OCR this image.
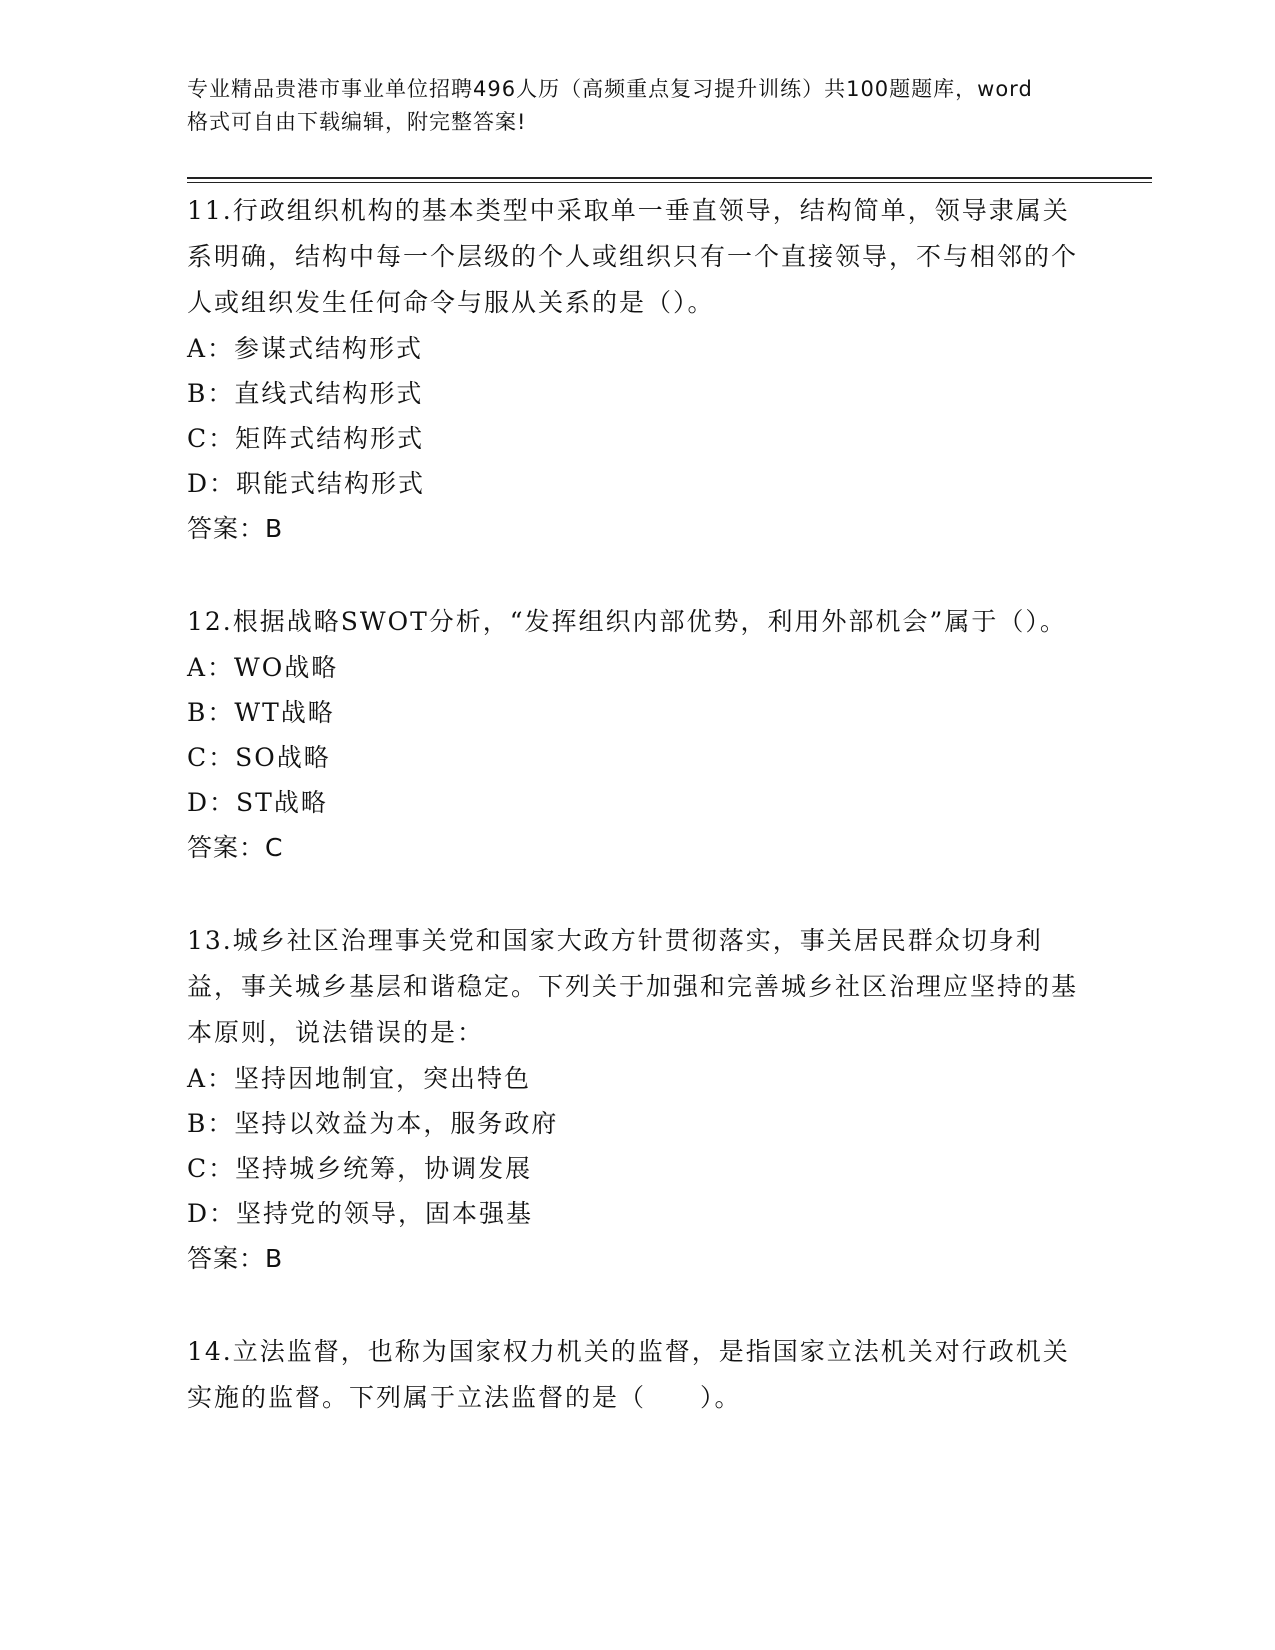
专业精品贵港市事业单位招聘496人历（高频重点复习提升训练）共100题题库，word格式可自由下载编辑，附完整答案!
11.行政组织机构的基本类型中采取单一垂直领导，结构简单，领导隶属关系明确，结构中每一个层级的个人或组织只有一个直接领导，不与相邻的个人或组织发生任何命令与服从关系的是（）。
A：参谋式结构形式
B：直线式结构形式
C：矩阵式结构形式
D：职能式结构形式
答案：B
12.根据战略SWOT分析，“发挥组织内部优势，利用外部机会”属于（）。
A：WO战略
B：WT战略
C：SO战略
D：ST战略
答案：C
13.城乡社区治理事关党和国家大政方针贯彻落实，事关居民群众切身利益，事关城乡基层和谐稳定。下列关于加强和完善城乡社区治理应坚持的基本原则，说法错误的是：
A：坚持因地制宜，突出特色
B：坚持以效益为本，服务政府
C：坚持城乡统筹，协调发展
D：坚持党的领导，固本强基
答案：B
14.立法监督，也称为国家权力机关的监督，是指国家立法机关对行政机关实施的监督。下列属于立法监督的是（　　）。
